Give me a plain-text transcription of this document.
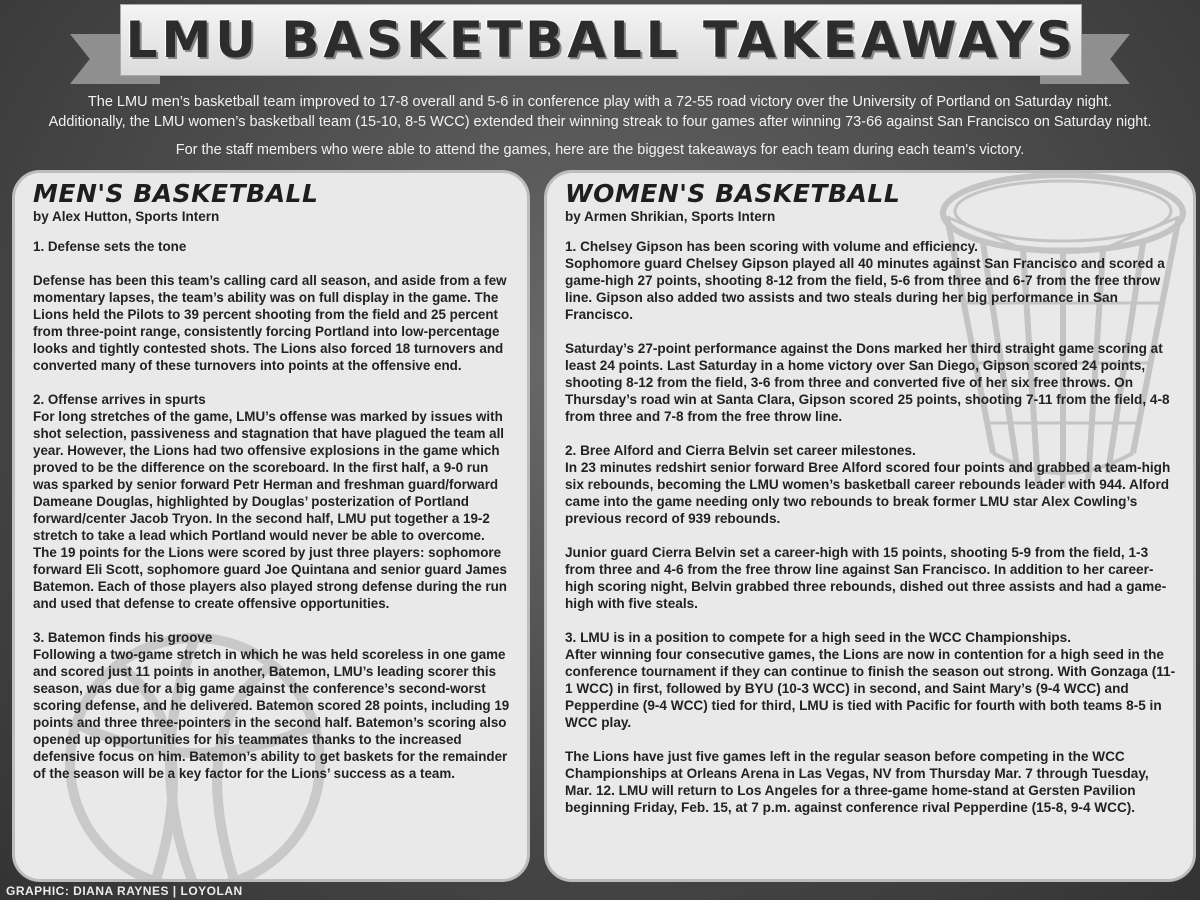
LMU BASKETBALL TAKEAWAYS

The LMU men’s basketball team improved to 17-8 overall and 5-6 in conference play with a 72-55 road victory over the University of Portland on Saturday night.

Additionally, the LMU women’s basketball team (15-10, 8-5 WCC) extended their winning streak to four games after winning 73-66 against San Francisco on Saturday night.

For the staff members who were able to attend the games, here are the biggest takeaways for each team during each team's victory.

MEN'S BASKETBALL

by Alex Hutton, Sports Intern

1. Defense sets the tone

Defense has been this team’s calling card all season, and aside from a few momentary lapses, the team’s ability was on full display in the game. The Lions held the Pilots to 39 percent shooting from the field and 25 percent from three-point range, consistently forcing Portland into low-percentage looks and tightly contested shots. The Lions also forced 18 turnovers and converted many of these turnovers into points at the offensive end.

2. Offense arrives in spurts
For long stretches of the game, LMU’s offense was marked by issues with shot selection, passiveness and stagnation that have plagued the team all year. However, the Lions had two offensive explosions in the game which proved to be the difference on the scoreboard. In the first half, a 9-0 run was sparked by senior forward Petr Herman and freshman guard/forward Dameane Douglas, highlighted by Douglas’ posterization of Portland forward/center Jacob Tryon. In the second half, LMU put together a 19-2 stretch to take a lead which Portland would never be able to overcome. The 19 points for the Lions were scored by just three players: sophomore forward Eli Scott, sophomore guard Joe Quintana and senior guard James Batemon. Each of those players also played strong defense during the run and used that defense to create offensive opportunities.

3. Batemon finds his groove
Following a two-game stretch in which he was held scoreless in one game and scored just 11 points in another, Batemon, LMU’s leading scorer this season, was due for a big game against the conference’s second-worst scoring defense, and he delivered. Batemon scored 28 points, including 19 points and three three-pointers in the second half. Batemon’s scoring also opened up opportunities for his teammates thanks to the increased defensive focus on him. Batemon’s ability to get baskets for the remainder of the season will be a key factor for the Lions’ success as a team.
WOMEN'S BASKETBALL

by Armen Shrikian, Sports Intern

1. Chelsey Gipson has been scoring with volume and efficiency.
Sophomore guard Chelsey Gipson played all 40 minutes against San Francisco and scored a game-high 27 points, shooting 8-12 from the field, 5-6 from three and 6-7 from the free throw line. Gipson also added two assists and two steals during her big performance in San Francisco.

Saturday’s 27-point performance against the Dons marked her third straight game scoring at least 24 points. Last Saturday in a home victory over San Diego, Gipson scored 24 points, shooting 8-12 from the field, 3-6 from three and converted five of her six free throws. On Thursday’s road win at Santa Clara, Gipson scored 25 points, shooting 7-11 from the field, 4-8 from three and 7-8 from the free throw line.

2. Bree Alford and Cierra Belvin set career milestones.
In 23 minutes redshirt senior forward Bree Alford scored four points and grabbed a team-high six rebounds, becoming the LMU women’s basketball career rebounds leader with 944. Alford came into the game needing only two rebounds to break former LMU star Alex Cowling’s previous record of 939 rebounds.

Junior guard Cierra Belvin set a career-high with 15 points, shooting 5-9 from the field, 1-3 from three and 4-6 from the free throw line against San Francisco. In addition to her career-high scoring night, Belvin grabbed three rebounds, dished out three assists and had a game-high with five steals.

3. LMU is in a position to compete for a high seed in the WCC Championships.
After winning four consecutive games, the Lions are now in contention for a high seed in the conference tournament if they can continue to finish the season out strong. With Gonzaga (11-1 WCC) in first, followed by BYU (10-3 WCC) in second, and Saint Mary’s (9-4 WCC) and Pepperdine (9-4 WCC) tied for third, LMU is tied with Pacific for fourth with both teams 8-5 in WCC play.

The Lions have just five games left in the regular season before competing in the WCC Championships at Orleans Arena in Las Vegas, NV from Thursday Mar. 7 through Tuesday, Mar. 12. LMU will return to Los Angeles for a three-game home-stand at Gersten Pavilion beginning Friday, Feb. 15, at 7 p.m. against conference rival Pepperdine (15-8, 9-4 WCC).
GRAPHIC: DIANA RAYNES | LOYOLAN
